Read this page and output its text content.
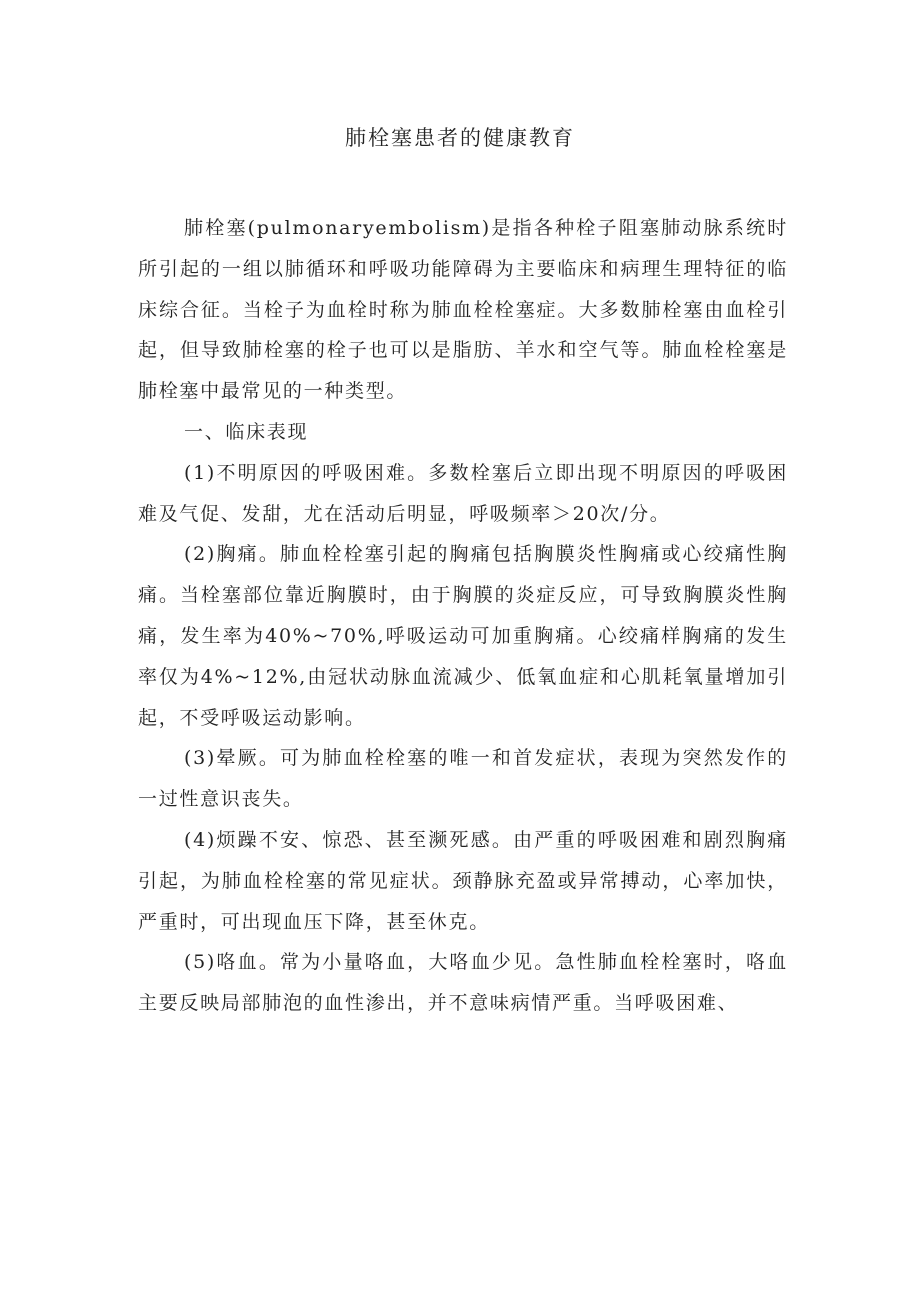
肺栓塞患者的健康教育

肺栓塞(pulmonaryembolism)是指各种栓子阻塞肺动脉系统时所引起的一组以肺循环和呼吸功能障碍为主要临床和病理生理特征的临床综合征。当栓子为血栓时称为肺血栓栓塞症。大多数肺栓塞由血栓引起，但导致肺栓塞的栓子也可以是脂肪、羊水和空气等。肺血栓栓塞是肺栓塞中最常见的一种类型。

一、临床表现

(1)不明原因的呼吸困难。多数栓塞后立即出现不明原因的呼吸困难及气促、发甜，尤在活动后明显，呼吸频率＞20次/分。

(2)胸痛。肺血栓栓塞引起的胸痛包括胸膜炎性胸痛或心绞痛性胸痛。当栓塞部位靠近胸膜时，由于胸膜的炎症反应，可导致胸膜炎性胸痛，发生率为40%~70%,呼吸运动可加重胸痛。心绞痛样胸痛的发生率仅为4%~12%,由冠状动脉血流减少、低氧血症和心肌耗氧量增加引起，不受呼吸运动影响。

(3)晕厥。可为肺血栓栓塞的唯一和首发症状，表现为突然发作的一过性意识丧失。

(4)烦躁不安、惊恐、甚至濒死感。由严重的呼吸困难和剧烈胸痛引起，为肺血栓栓塞的常见症状。颈静脉充盈或异常搏动，心率加快，严重时，可出现血压下降，甚至休克。

(5)咯血。常为小量咯血，大咯血少见。急性肺血栓栓塞时，咯血主要反映局部肺泡的血性渗出，并不意味病情严重。当呼吸困难、
